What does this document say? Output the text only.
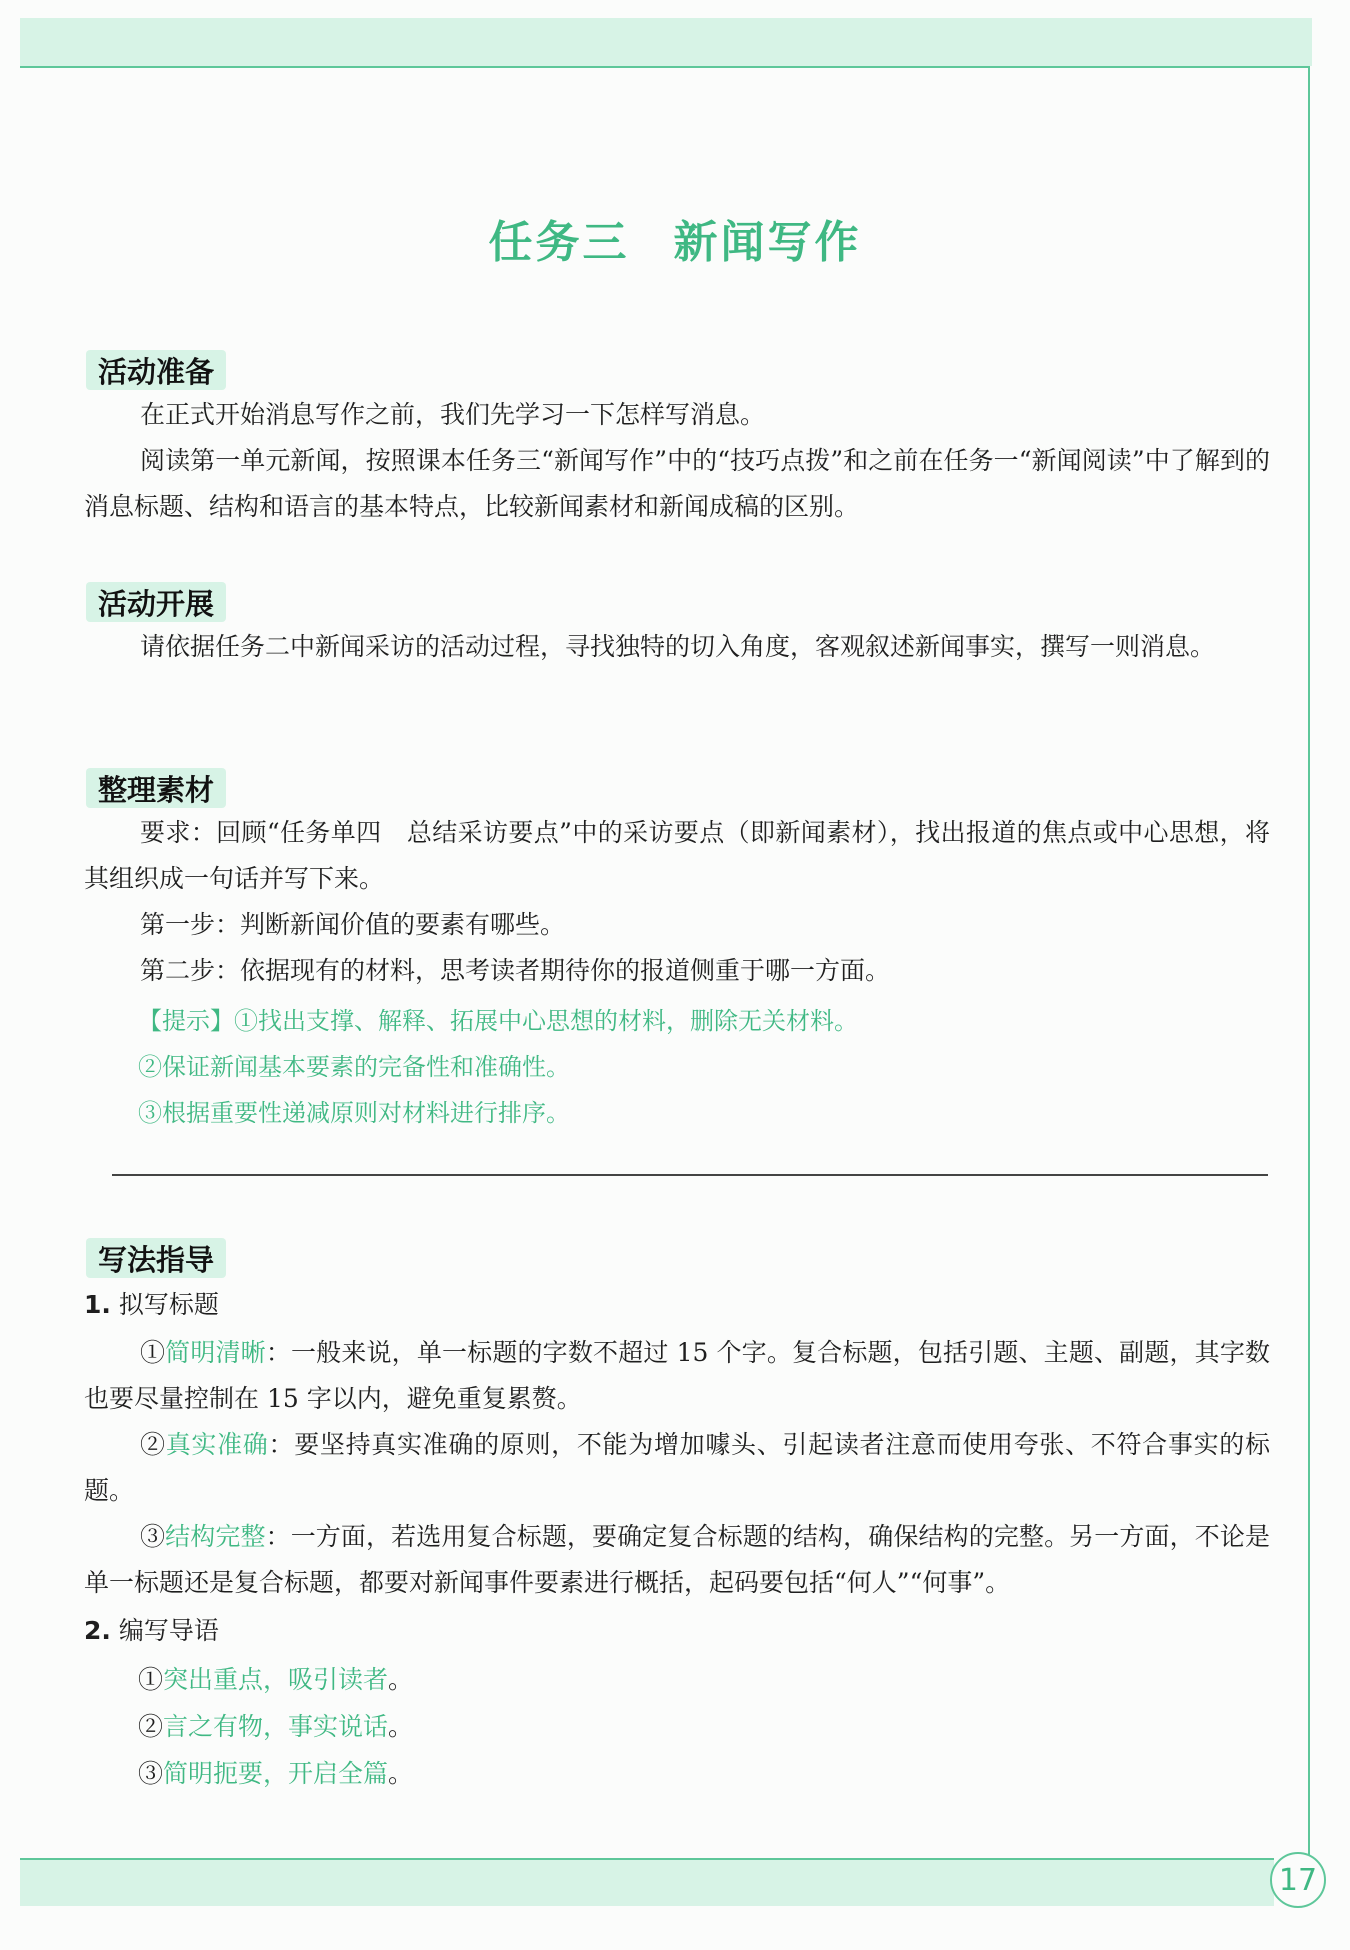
17
任务三 新闻写作
活动准备
在正式开始消息写作之前，我们先学习一下怎样写消息。
阅读第一单元新闻，按照课本任务三“新闻写作”中的“技巧点拨”和之前在任务一“新闻阅读”中了解到的消息标题、结构和语言的基本特点，比较新闻素材和新闻成稿的区别。
活动开展
请依据任务二中新闻采访的活动过程，寻找独特的切入角度，客观叙述新闻事实，撰写一则消息。
整理素材
要求：回顾“任务单四　总结采访要点”中的采访要点（即新闻素材），找出报道的焦点或中心思想，将其组织成一句话并写下来。
第一步：判断新闻价值的要素有哪些。
第二步：依据现有的材料，思考读者期待你的报道侧重于哪一方面。
【提示】①找出支撑、解释、拓展中心思想的材料，删除无关材料。
②保证新闻基本要素的完备性和准确性。
③根据重要性递减原则对材料进行排序。
写法指导
1. 拟写标题
①简明清晰：一般来说，单一标题的字数不超过 15 个字。复合标题，包括引题、主题、副题，其字数也要尽量控制在 15 字以内，避免重复累赘。
②真实准确：要坚持真实准确的原则，不能为增加噱头、引起读者注意而使用夸张、不符合事实的标题。
③结构完整：一方面，若选用复合标题，要确定复合标题的结构，确保结构的完整。另一方面，不论是单一标题还是复合标题，都要对新闻事件要素进行概括，起码要包括“何人”“何事”。
2. 编写导语
①突出重点，吸引读者。
②言之有物，事实说话。
③简明扼要，开启全篇。
